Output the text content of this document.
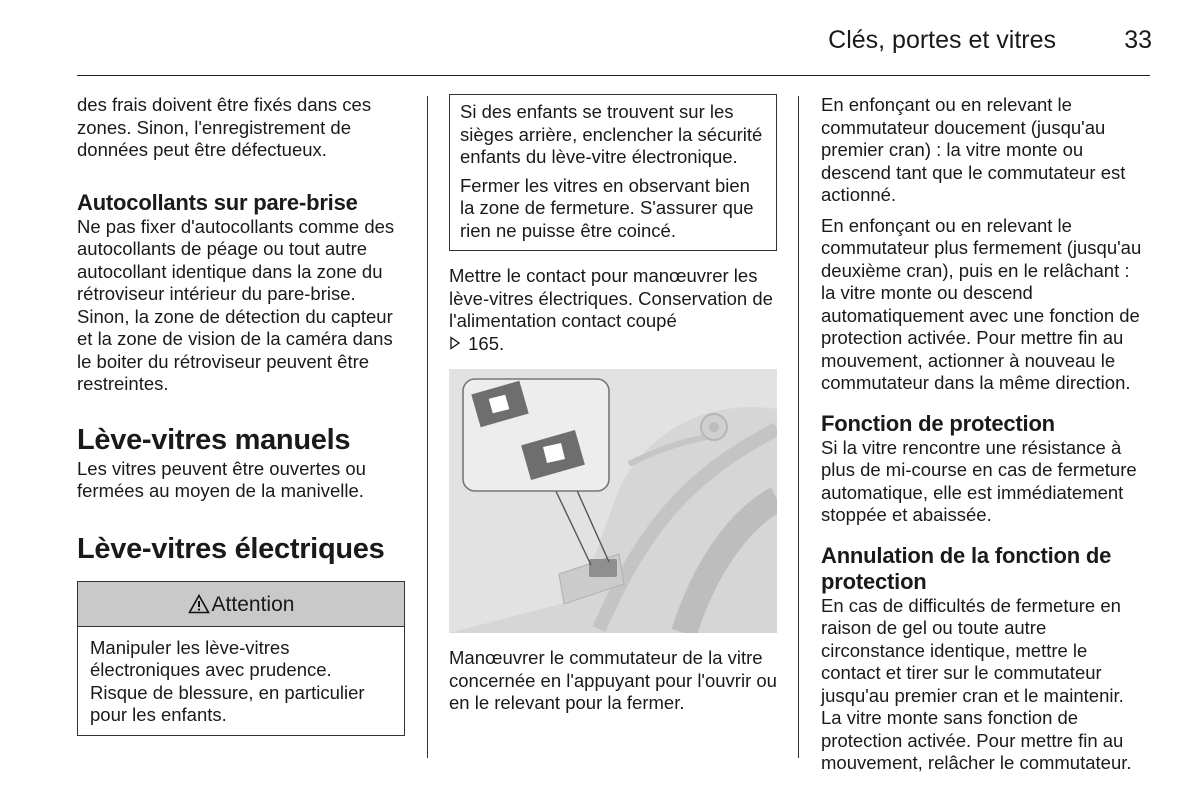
Clés, portes et vitres	33

des frais doivent être fixés dans ces zones. Sinon, l'enregistrement de données peut être défectueux.

Autocollants sur pare-brise

Ne pas fixer d'autocollants comme des autocollants de péage ou tout autre autocollant identique dans la zone du rétroviseur intérieur du pare-brise. Sinon, la zone de détection du capteur et la zone de vision de la caméra dans le boiter du rétroviseur peuvent être restreintes.

Lève-vitres manuels

Les vitres peuvent être ouvertes ou fermées au moyen de la manivelle.

Lève-vitres électriques
Attention
Manipuler les lève-vitres électroniques avec prudence. Risque de blessure, en particulier pour les enfants.

Si des enfants se trouvent sur les sièges arrière, enclencher la sécurité enfants du lève-vitre électronique.

Fermer les vitres en observant bien la zone de fermeture. S'assurer que rien ne puisse être coincé.

Mettre le contact pour manœuvrer les lève-vitres électriques. Conservation de l'alimentation contact coupé
165.

Manœuvrer le commutateur de la vitre concernée en l'appuyant pour l'ouvrir ou en le relevant pour la fermer.

En enfonçant ou en relevant le commutateur doucement (jusqu'au premier cran) : la vitre monte ou descend tant que le commutateur est actionné.

En enfonçant ou en relevant le commutateur plus fermement (jusqu'au deuxième cran), puis en le relâchant : la vitre monte ou descend automatiquement avec une fonction de protection activée. Pour mettre fin au mouvement, actionner à nouveau le commutateur dans la même direction.

Fonction de protection

Si la vitre rencontre une résistance à plus de mi-course en cas de fermeture automatique, elle est immédiatement stoppée et abaissée.

Annulation de la fonction de protection

En cas de difficultés de fermeture en raison de gel ou toute autre circonstance identique, mettre le contact et tirer sur le commutateur jusqu'au premier cran et le maintenir. La vitre monte sans fonction de protection activée. Pour mettre fin au mouvement, relâcher le commutateur.
